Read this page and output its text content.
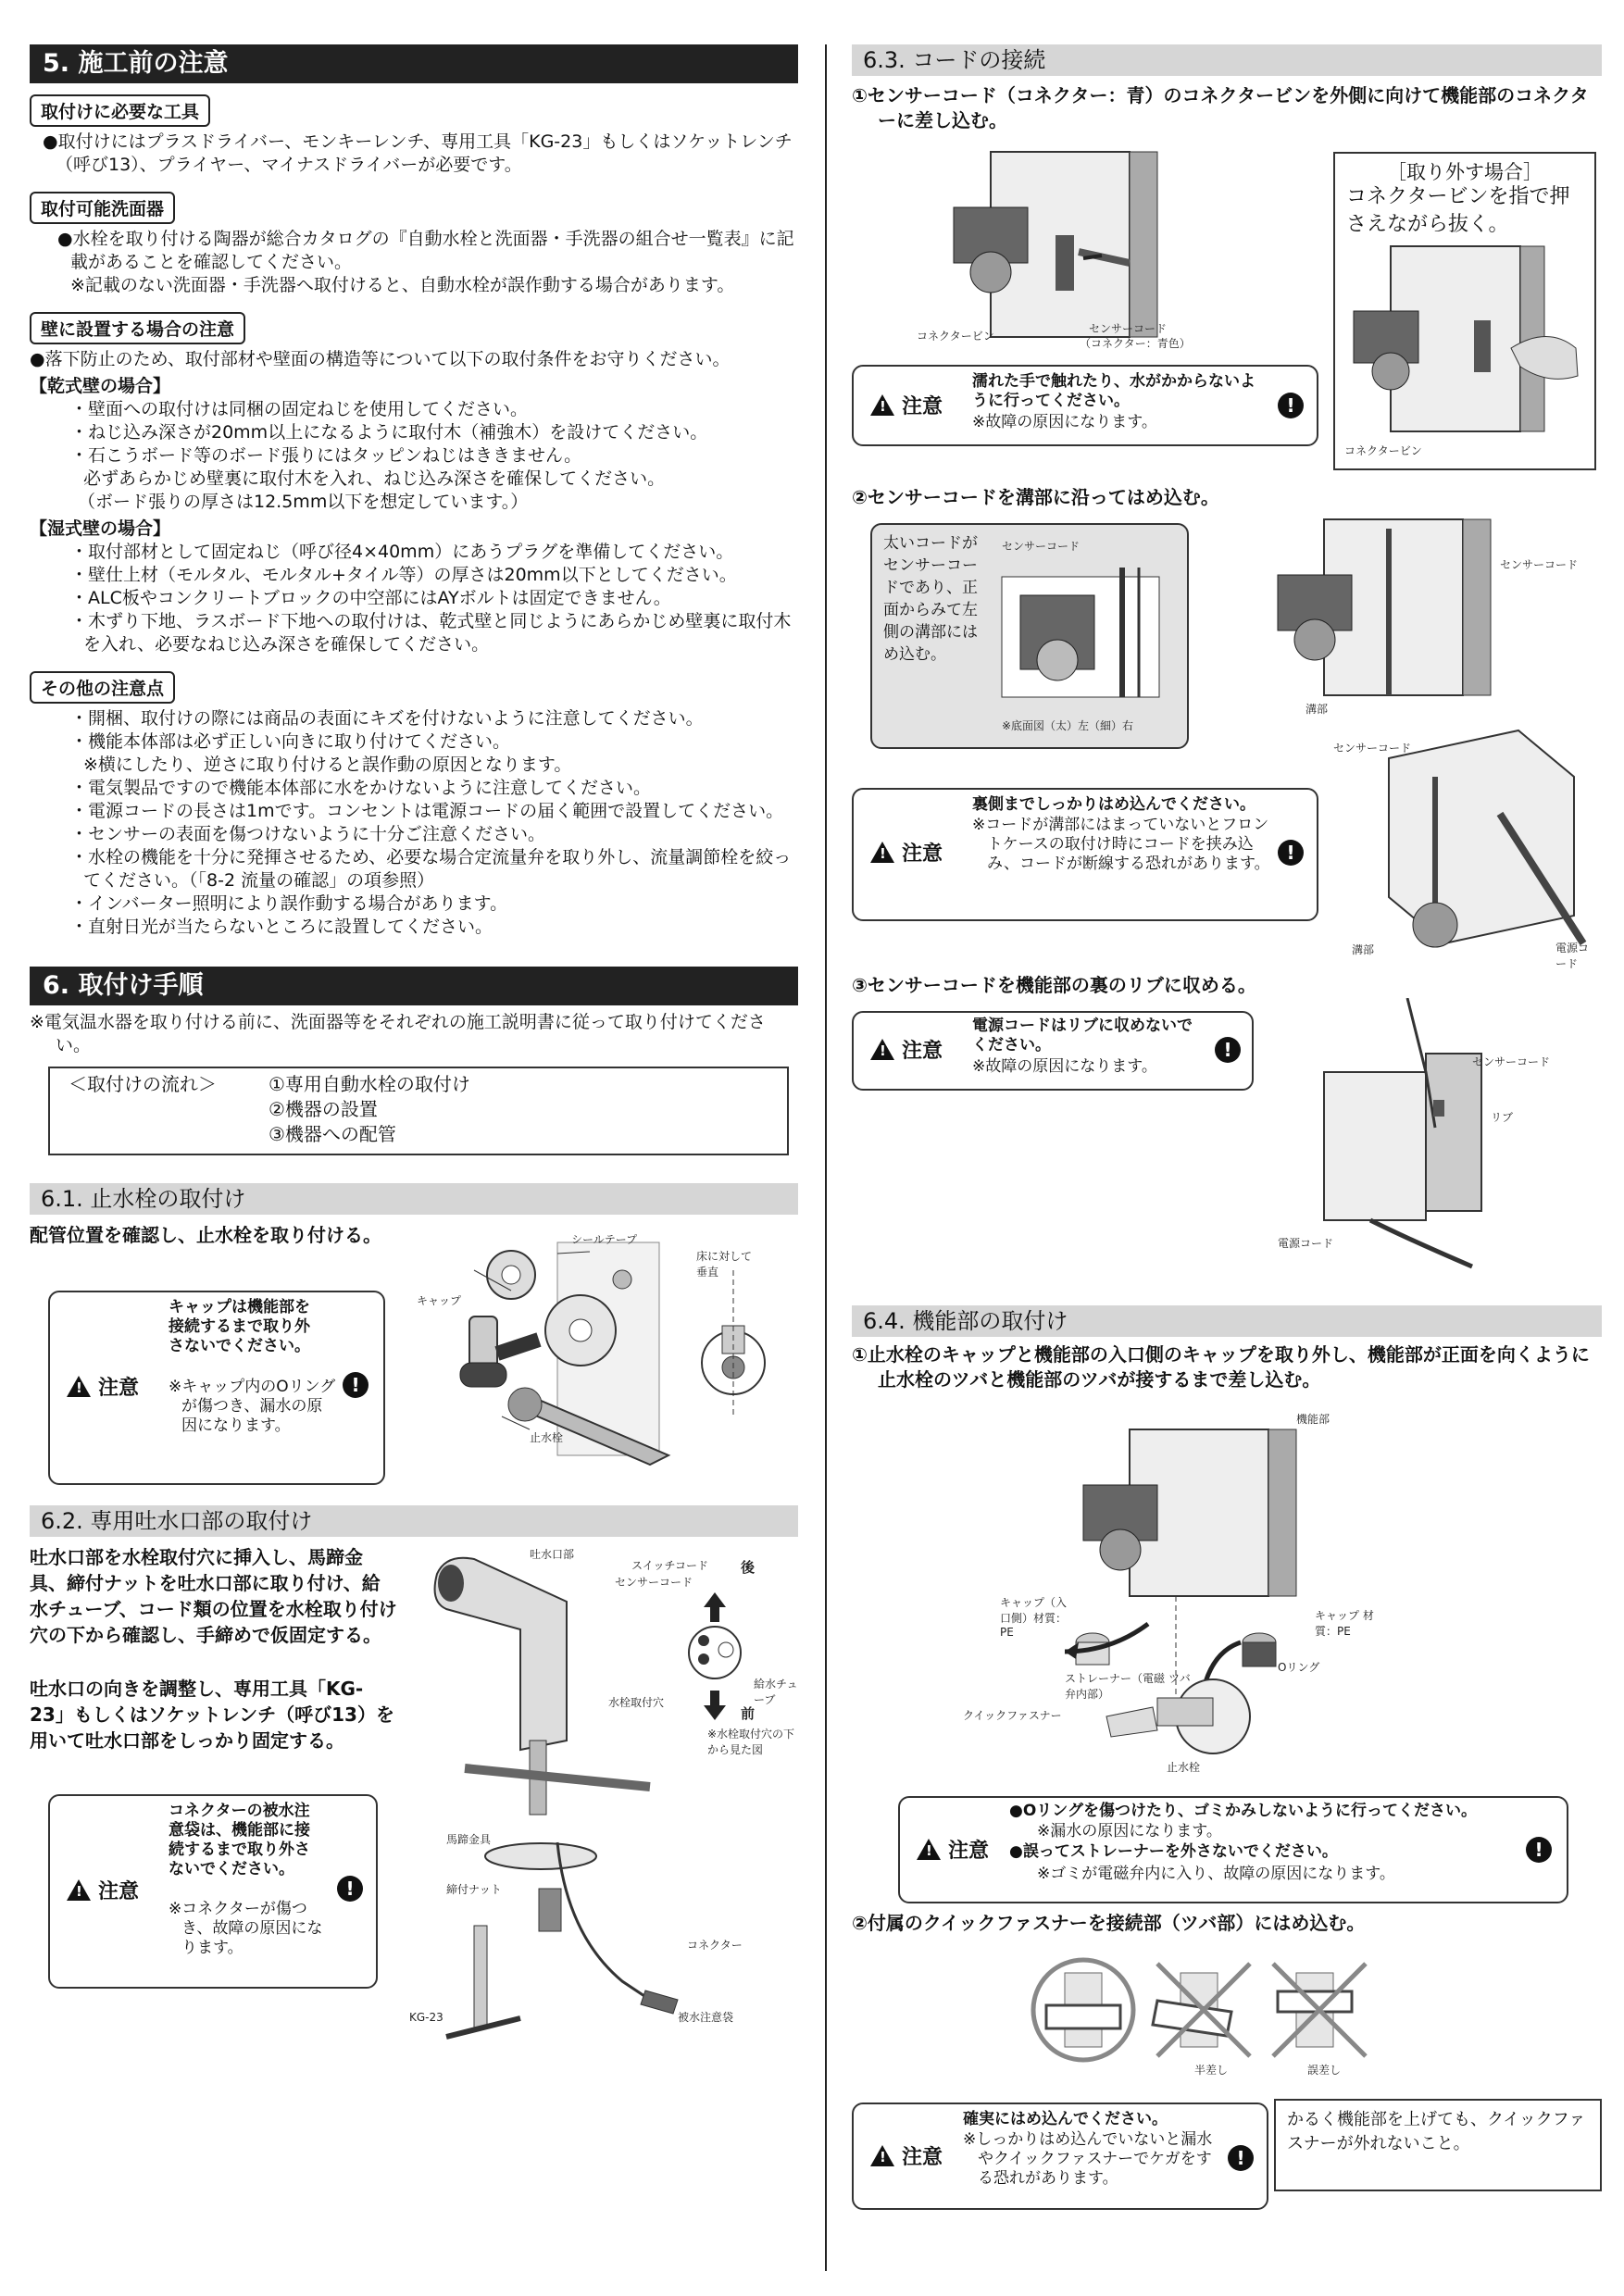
5. 施工前の注意
取付けに必要な工具
●取付けにはプラスドライバー、モンキーレンチ、専用工具「KG-23」もしくはソケットレンチ（呼び13）、プライヤー、マイナスドライバーが必要です。
取付可能洗面器
●水栓を取り付ける陶器が総合カタログの『自動水栓と洗面器・手洗器の組合せ一覧表』に記載があることを確認してください。
※記載のない洗面器・手洗器へ取付けると、自動水栓が誤作動する場合があります。
壁に設置する場合の注意
●落下防止のため、取付部材や壁面の構造等について以下の取付条件をお守りください。
【乾式壁の場合】
・壁面への取付けは同梱の固定ねじを使用してください。
・ねじ込み深さが20mm以上になるように取付木（補強木）を設けてください。
・石こうボード等のボード張りにはタッピンねじはききません。
必ずあらかじめ壁裏に取付木を入れ、ねじ込み深さを確保してください。
（ボード張りの厚さは12.5mm以下を想定しています。）
【湿式壁の場合】
・取付部材として固定ねじ（呼び径4×40mm）にあうプラグを準備してください。
・壁仕上材（モルタル、モルタル+タイル等）の厚さは20mm以下としてください。
・ALC板やコンクリートブロックの中空部にはAYボルトは固定できません。
・木ずり下地、ラスボード下地への取付けは、乾式壁と同じようにあらかじめ壁裏に取付木を入れ、必要なねじ込み深さを確保してください。
その他の注意点
・開梱、取付けの際には商品の表面にキズを付けないように注意してください。
・機能本体部は必ず正しい向きに取り付けてください。
※横にしたり、逆さに取り付けると誤作動の原因となります。
・電気製品ですので機能本体部に水をかけないように注意してください。
・電源コードの長さは1mです。コンセントは電源コードの届く範囲で設置してください。
・センサーの表面を傷つけないように十分ご注意ください。
・水栓の機能を十分に発揮させるため、必要な場合定流量弁を取り外し、流量調節栓を絞ってください。（「8-2 流量の確認」の項参照）
・インバーター照明により誤作動する場合があります。
・直射日光が当たらないところに設置してください。
6. 取付け手順
※電気温水器を取り付ける前に、洗面器等をそれぞれの施工説明書に従って取り付けてください。
＜取付けの流れ＞	①専用自動水栓の取付け
②機器の設置
③機器への配管
6.1. 止水栓の取付け
配管位置を確認し、止水栓を取り付ける。
!
注意
キャップは機能部を接続するまで取り外さないでください。
※キャップ内のOリングが傷つき、漏水の原因になります。
!
シールテープ
床に対して垂直
キャップ
止水栓
6.2. 専用吐水口部の取付け
吐水口部を水栓取付穴に挿入し、馬蹄金具、締付ナットを吐水口部に取り付け、給水チューブ、コード類の位置を水栓取り付け穴の下から確認し、手締めで仮固定する。
吐水口の向きを調整し、専用工具「KG-23」もしくはソケットレンチ（呼び13）を用いて吐水口部をしっかり固定する。
!
注意
コネクターの被水注意袋は、機能部に接続するまで取り外さないでください。
※コネクターが傷つき、故障の原因になります。
!
吐水口部
スイッチコード
センサーコード
後
前
給水チューブ
水栓取付穴
※水栓取付穴の下から見た図
馬蹄金具
締付ナット
コネクター
被水注意袋
KG-23
6.3. コードの接続
①センサーコード（コネクター：青）のコネクタービンを外側に向けて機能部のコネクターに差し込む。
コネクタービン
センサーコード
（コネクター：青色）
［取り外す場合］
コネクタービンを指で押さえながら抜く。
コネクタービン
!
注意
濡れた手で触れたり、水がかからないように行ってください。
※故障の原因になります。
!
②センサーコードを溝部に沿ってはめ込む。
太いコードがセンサーコードであり、正面からみて左側の溝部にはめ込む。
センサーコード
※底面図（太）左（細）右
センサーコード
溝部
センサーコード
溝部	電源コード
!
注意
裏側までしっかりはめ込んでください。
※コードが溝部にはまっていないとフロントケースの取付け時にコードを挟み込み、コードが断線する恐れがあります。 !
③センサーコードを機能部の裏のリブに収める。
!
注意
電源コードはリブに収めないでください。
※故障の原因になります。
!
センサーコード
リブ
電源コード
6.4. 機能部の取付け
①止水栓のキャップと機能部の入口側のキャップを取り外し、機能部が正面を向くように止水栓のツバと機能部のツバが接するまで差し込む。
機能部
キャップ（入口側）材質：PE
キャップ 材質：PE
Oリング
ストレーナー（電磁弁内部）
ツバ
クイックファスナー
止水栓
!
注意
●Oリングを傷つけたり、ゴミかみしないように行ってください。
※漏水の原因になります。
●誤ってストレーナーを外さないでください。
※ゴミが電磁弁内に入り、故障の原因になります。
!
②付属のクイックファスナーを接続部（ツバ部）にはめ込む。
半差し	誤差し
!
注意
確実にはめ込んでください。
※しっかりはめ込んでいないと漏水やクイックファスナーでケガをする恐れがあります。
!
かるく機能部を上げても、クイックファスナーが外れないこと。
